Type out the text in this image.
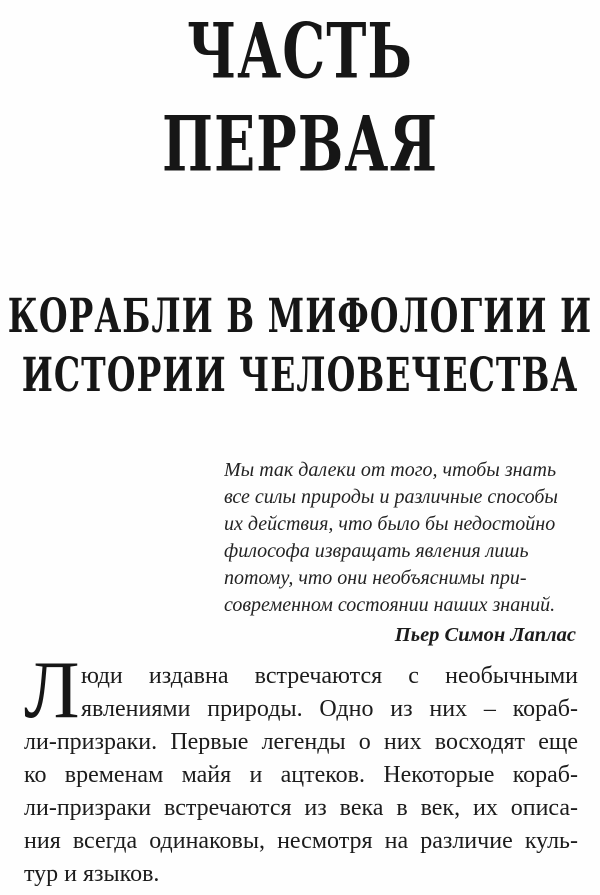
ЧАСТЬ
ПЕРВАЯ
КОРАБЛИ В МИФОЛОГИИ И
ИСТОРИИ ЧЕЛОВЕЧЕСТВА
Мы так далеки от того, чтобы знать
все силы природы и различные способы
их действия, что было бы недостойно
философа извращать явления лишь
потому, что они необъяснимы при-
современном состоянии наших знаний.
Пьер Симон Лаплас
Л юди издавна встречаются с необычными
явлениями природы. Одно из них – кораб-
ли-призраки. Первые легенды о них восходят еще
ко временам майя и ацтеков. Некоторые кораб-
ли-призраки встречаются из века в век, их описа-
ния всегда одинаковы, несмотря на различие куль-
тур и языков.
